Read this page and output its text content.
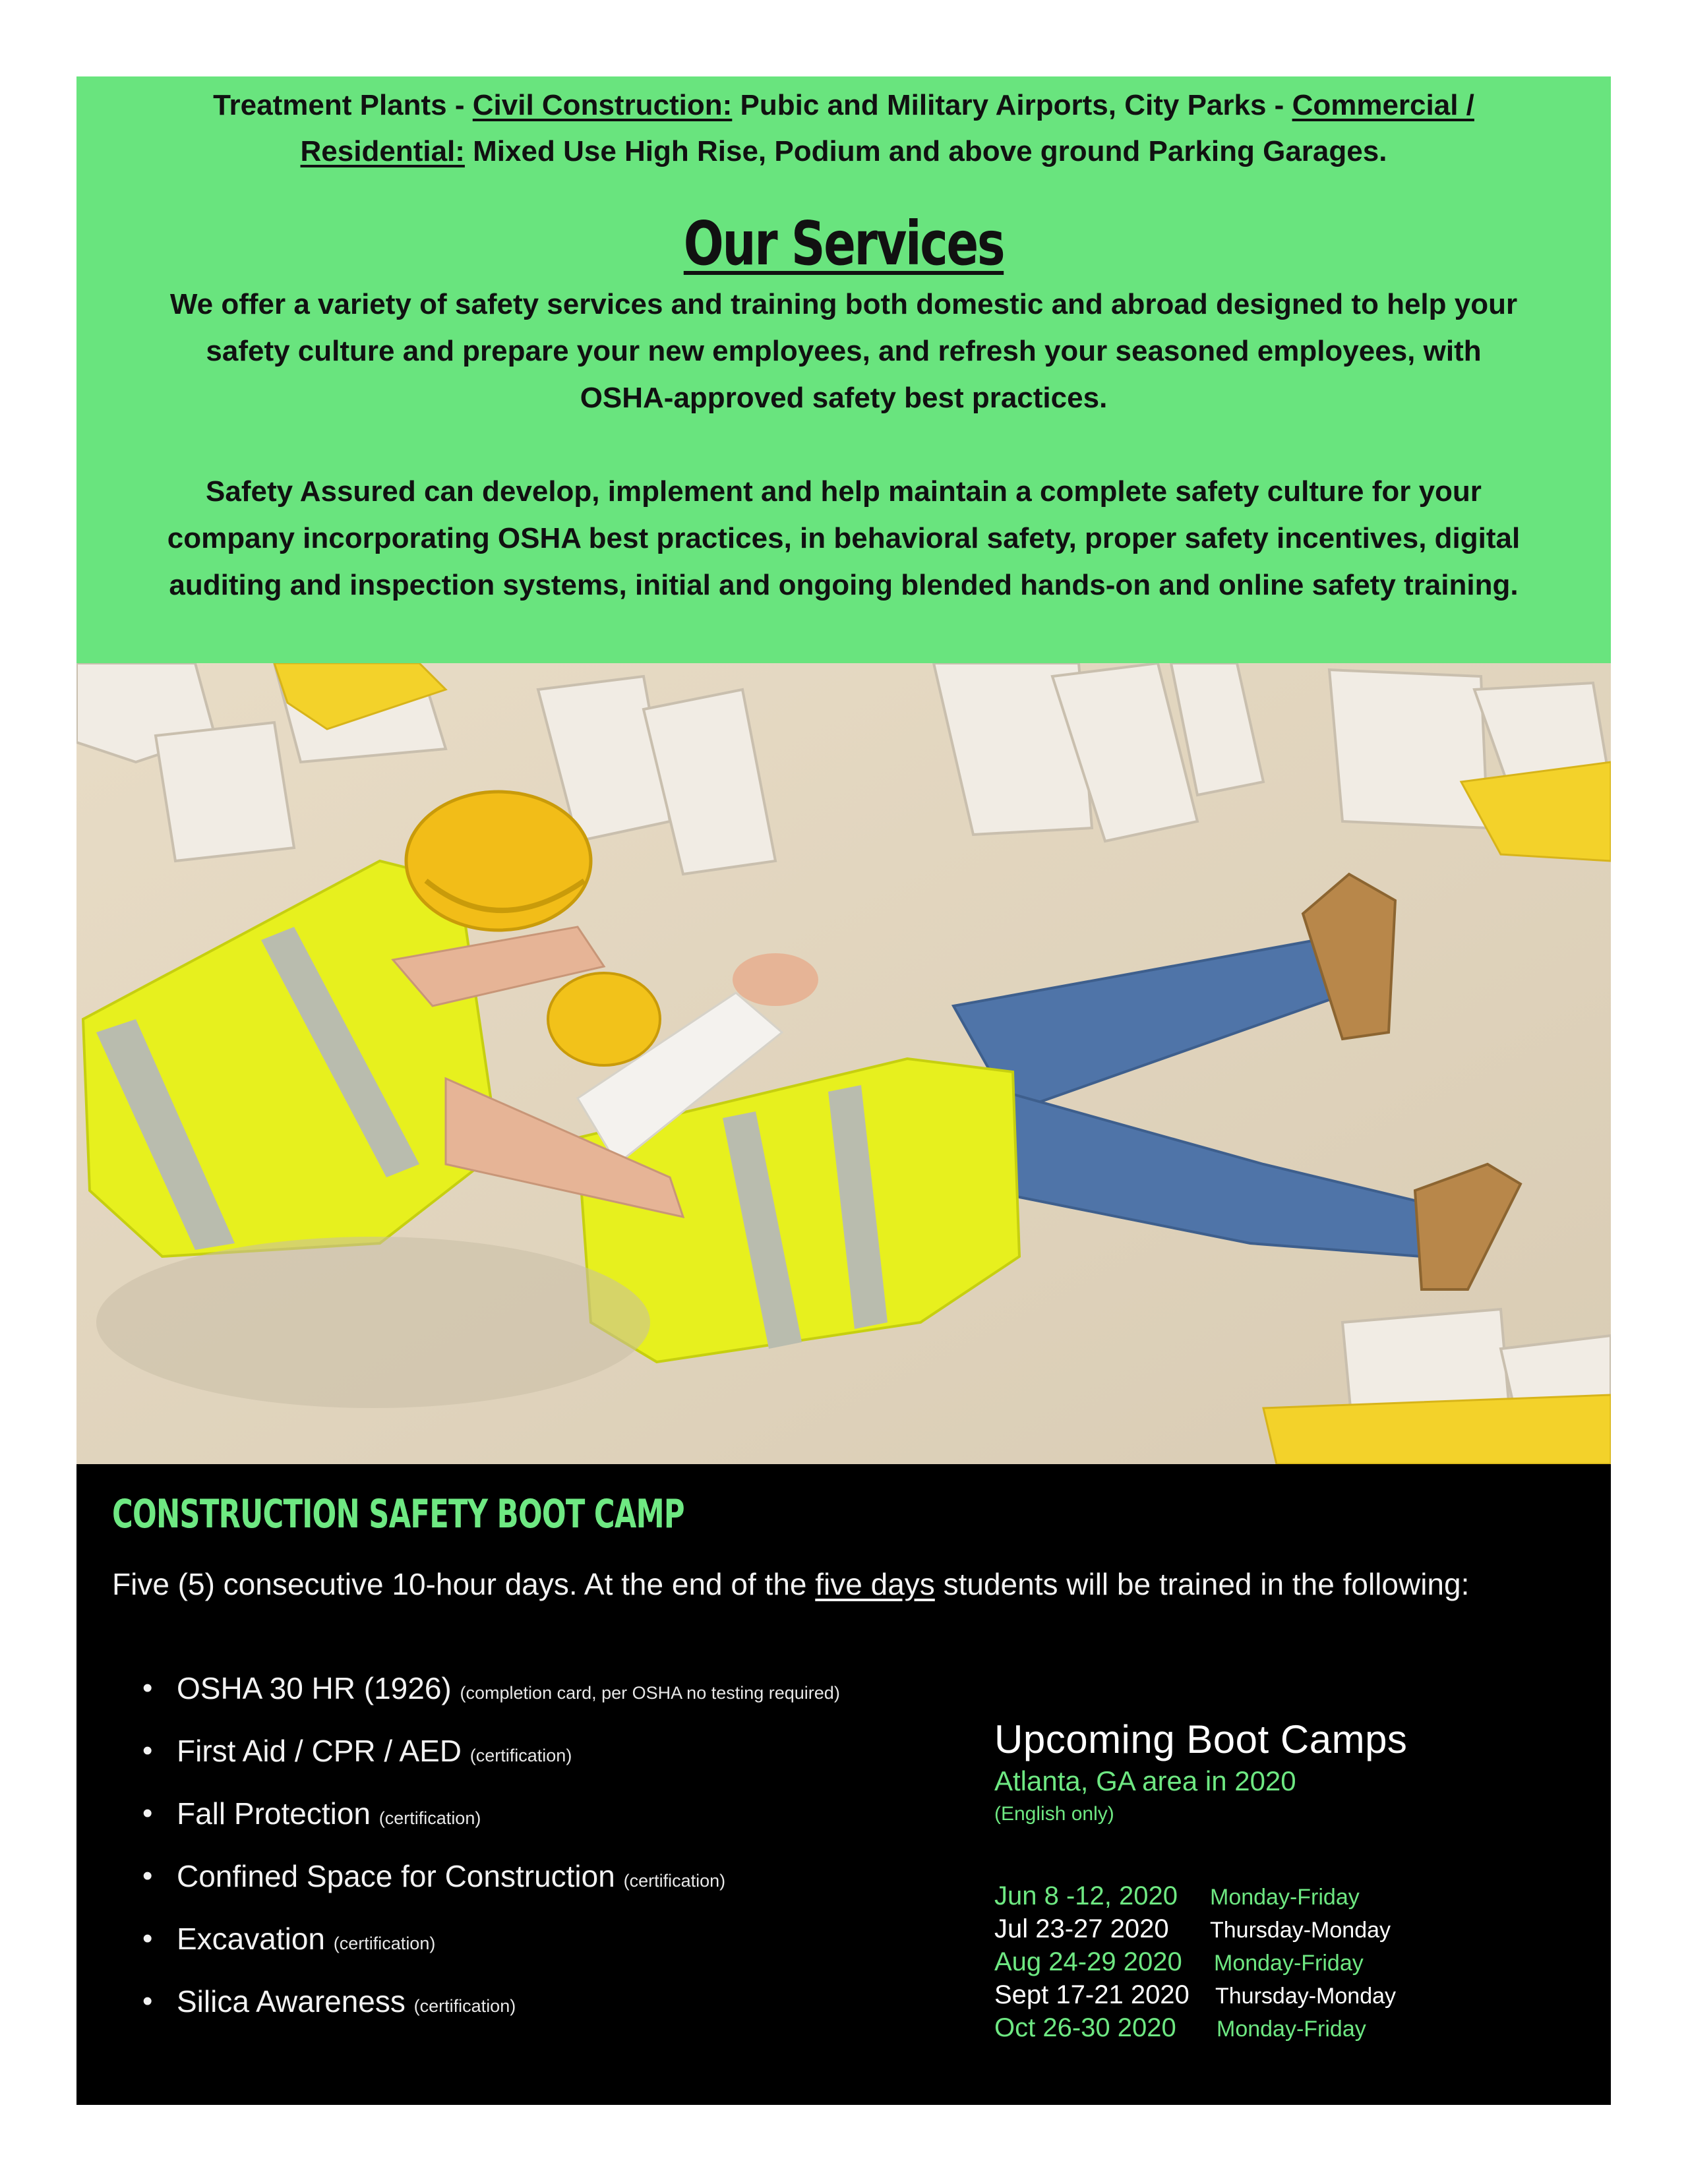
Treatment Plants - Civil Construction: Pubic and Military Airports, City Parks - Commercial /
Residential: Mixed Use High Rise, Podium and above ground Parking Garages.
Our Services
We offer a variety of safety services and training both domestic and abroad designed to help your
safety culture and prepare your new employees, and refresh your seasoned employees, with
OSHA-approved safety best practices.
Safety Assured can develop, implement and help maintain a complete safety culture for your
company incorporating OSHA best practices, in behavioral safety, proper safety incentives, digital
auditing and inspection systems, initial and ongoing blended hands-on and online safety training.
CONSTRUCTION SAFETY BOOT CAMP
Five (5) consecutive 10-hour days. At the end of the five days students will be trained in the following:
• OSHA 30 HR (1926) (completion card, per OSHA no testing required)
• First Aid / CPR / AED (certification)
• Fall Protection (certification)
• Confined Space for Construction (certification)
• Excavation (certification)
• Silica Awareness (certification)
Upcoming Boot Camps
Atlanta, GA area in 2020
(English only)
Jun 8 -12, 2020 Monday-Friday
Jul 23-27 2020 Thursday-Monday
Aug 24-29 2020 Monday-Friday
Sept 17-21 2020 Thursday-Monday
Oct 26-30 2020 Monday-Friday
